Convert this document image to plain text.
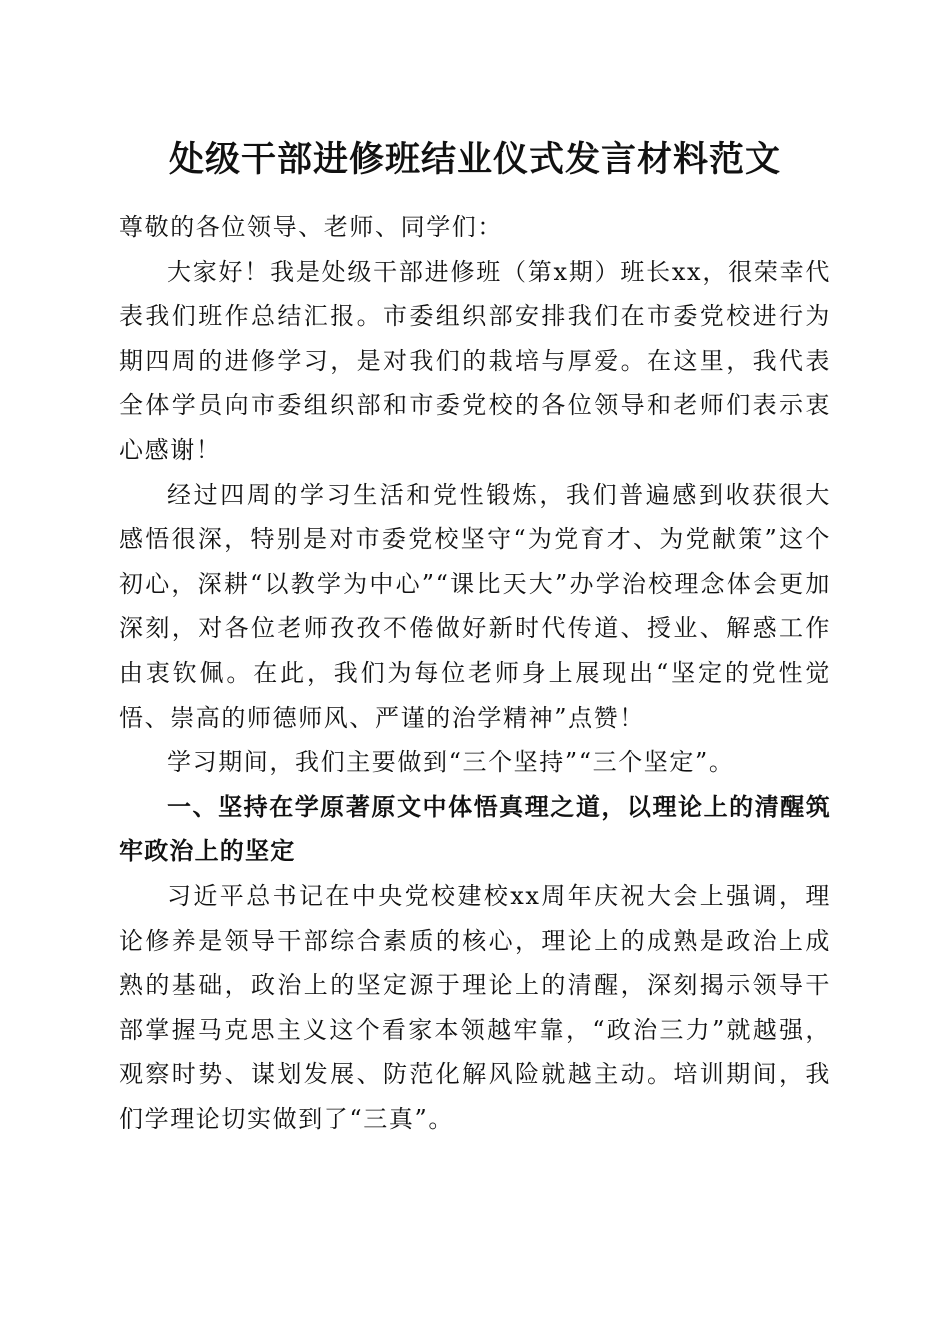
处级干部进修班结业仪式发言材料范文

尊敬的各位领导、老师、同学们：

大家好！我是处级干部进修班（第x期）班长xx，很荣幸代表我们班作总结汇报。市委组织部安排我们在市委党校进行为期四周的进修学习，是对我们的栽培与厚爱。在这里，我代表全体学员向市委组织部和市委党校的各位领导和老师们表示衷心感谢！

经过四周的学习生活和党性锻炼，我们普遍感到收获很大感悟很深，特别是对市委党校坚守“为党育才、为党献策”这个初心，深耕“以教学为中心”“课比天大”办学治校理念体会更加深刻，对各位老师孜孜不倦做好新时代传道、授业、解惑工作由衷钦佩。在此，我们为每位老师身上展现出“坚定的党性觉悟、崇高的师德师风、严谨的治学精神”点赞！

学习期间，我们主要做到“三个坚持”“三个坚定”。

一、坚持在学原著原文中体悟真理之道，以理论上的清醒筑牢政治上的坚定

习近平总书记在中央党校建校xx周年庆祝大会上强调，理论修养是领导干部综合素质的核心，理论上的成熟是政治上成熟的基础，政治上的坚定源于理论上的清醒，深刻揭示领导干部掌握马克思主义这个看家本领越牢靠，“政治三力”就越强，观察时势、谋划发展、防范化解风险就越主动。培训期间，我们学理论切实做到了“三真”。
